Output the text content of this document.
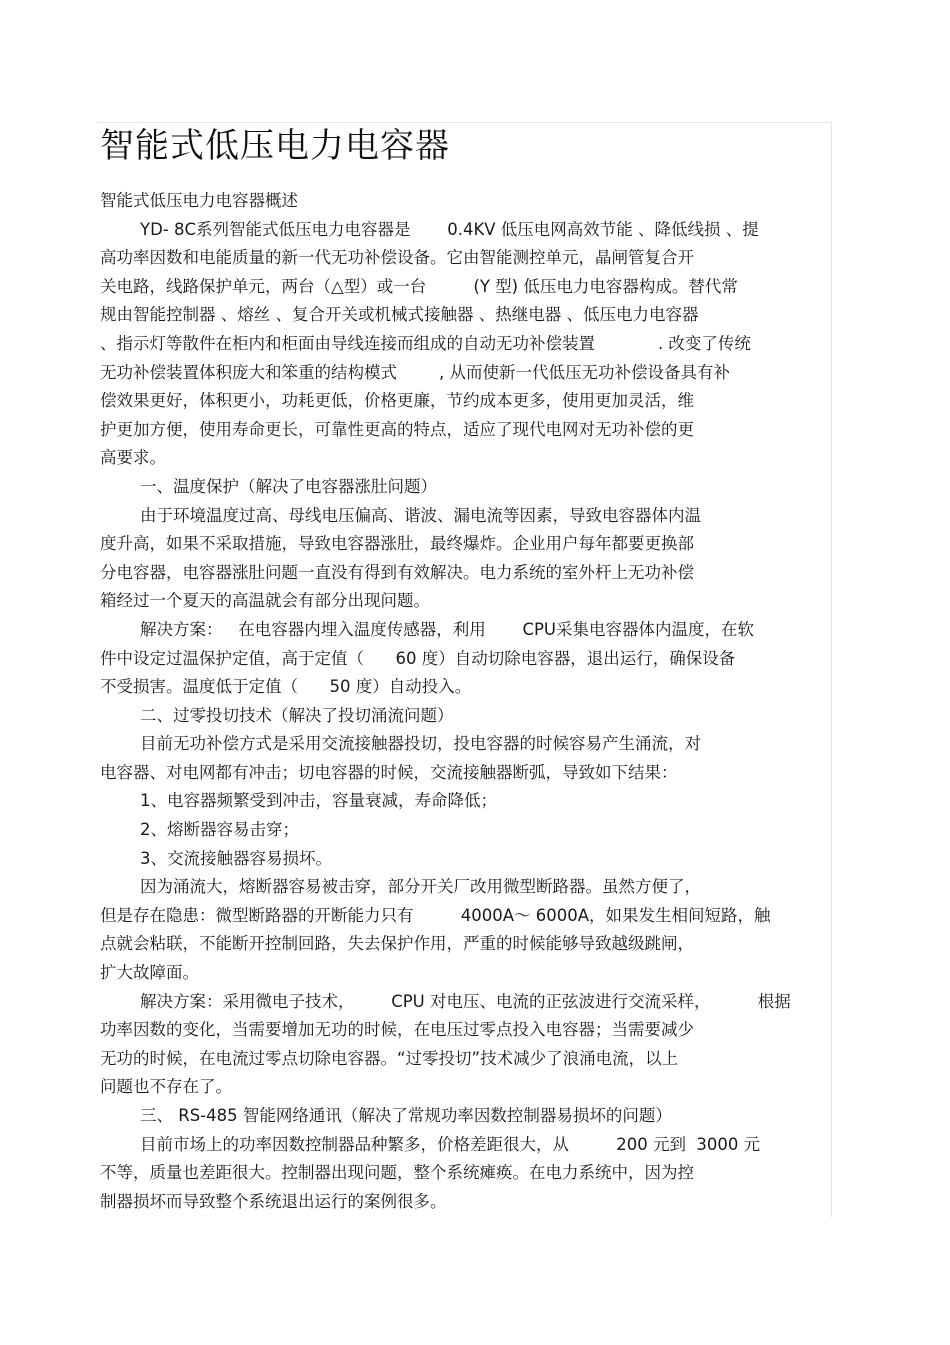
智能式低压电力电容器
智能式低压电力电容器概述
YD- 8C系列智能式低压电力电容器是       0.4KV 低压电网高效节能 、降低线损 、提
高功率因数和电能质量的新一代无功补偿设备。它由智能测控单元，晶闸管复合开
关电路，线路保护单元，两台（△型）或一台         (Y 型) 低压电力电容器构成。替代常
规由智能控制器 、熔丝 、复合开关或机械式接触器 、热继电器 、低压电力电容器
、指示灯等散件在柜内和柜面由导线连接而组成的自动无功补偿装置            . 改变了传统
无功补偿装置体积庞大和笨重的结构模式        , 从而使新一代低压无功补偿设备具有补
偿效果更好，体积更小，功耗更低，价格更廉，节约成本更多，使用更加灵活，维
护更加方便，使用寿命更长，可靠性更高的特点，适应了现代电网对无功补偿的更
高要求。
一、温度保护（解决了电容器涨肚问题）
由于环境温度过高、母线电压偏高、谐波、漏电流等因素，导致电容器体内温
度升高，如果不采取措施，导致电容器涨肚，最终爆炸。企业用户每年都要更换部
分电容器，电容器涨肚问题一直没有得到有效解决。电力系统的室外杆上无功补偿
箱经过一个夏天的高温就会有部分出现问题。
解决方案：   在电容器内埋入温度传感器，利用       CPU采集电容器体内温度，在软
件中设定过温保护定值，高于定值（      60 度）自动切除电容器，退出运行，确保设备
不受损害。温度低于定值（      50 度）自动投入。
二、过零投切技术（解决了投切涌流问题）
目前无功补偿方式是采用交流接触器投切，投电容器的时候容易产生涌流，对
电容器、对电网都有冲击；切电容器的时候，交流接触器断弧，导致如下结果：
1、电容器频繁受到冲击，容量衰减，寿命降低；
2、熔断器容易击穿；
3、交流接触器容易损坏。
因为涌流大，熔断器容易被击穿，部分开关厂改用微型断路器。虽然方便了，
但是存在隐患：微型断路器的开断能力只有         4000A～ 6000A，如果发生相间短路，触
点就会粘联，不能断开控制回路，失去保护作用，严重的时候能够导致越级跳闸，
扩大故障面。
解决方案：采用微电子技术，       CPU 对电压、电流的正弦波进行交流采样，         根据
功率因数的变化，当需要增加无功的时候，在电压过零点投入电容器；当需要减少
无功的时候，在电流过零点切除电容器。“过零投切”技术减少了浪涌电流，以上
问题也不存在了。
三、 RS-485 智能网络通讯（解决了常规功率因数控制器易损坏的问题）
目前市场上的功率因数控制器品种繁多，价格差距很大，从         200 元到  3000 元
不等，质量也差距很大。控制器出现问题，整个系统瘫痪。在电力系统中，因为控
制器损坏而导致整个系统退出运行的案例很多。
